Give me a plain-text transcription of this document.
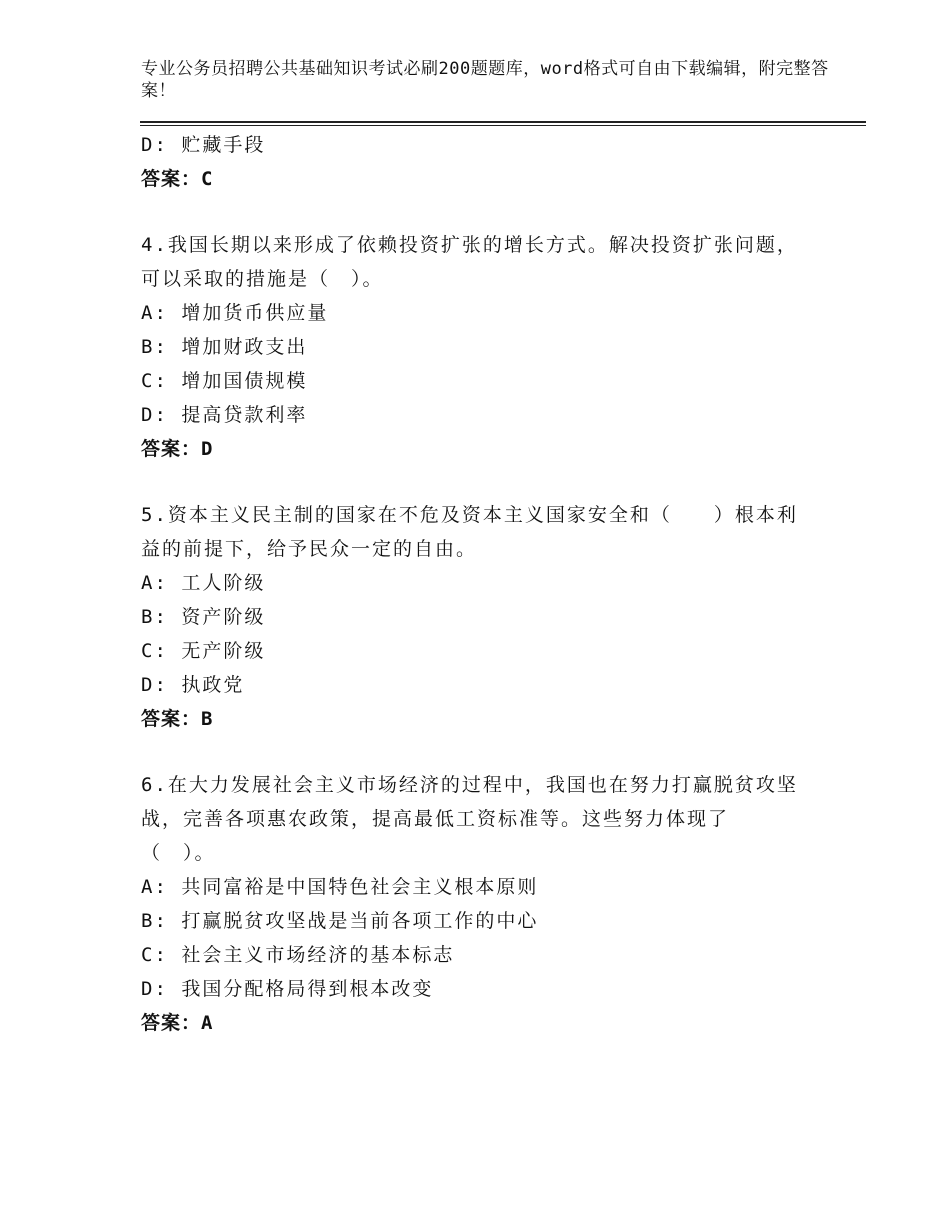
专业公务员招聘公共基础知识考试必刷200题题库，word格式可自由下载编辑，附完整答案！
D: 贮藏手段
答案：C
4.我国长期以来形成了依赖投资扩张的增长方式。解决投资扩张问题，可以采取的措施是（　）。
A: 增加货币供应量
B: 增加财政支出
C: 增加国债规模
D: 提高贷款利率
答案：D
5.资本主义民主制的国家在不危及资本主义国家安全和（　　）根本利益的前提下，给予民众一定的自由。
A: 工人阶级
B: 资产阶级
C: 无产阶级
D: 执政党
答案：B
6.在大力发展社会主义市场经济的过程中，我国也在努力打赢脱贫攻坚战，完善各项惠农政策，提高最低工资标准等。这些努力体现了（　）。
A: 共同富裕是中国特色社会主义根本原则
B: 打赢脱贫攻坚战是当前各项工作的中心
C: 社会主义市场经济的基本标志
D: 我国分配格局得到根本改变
答案：A
